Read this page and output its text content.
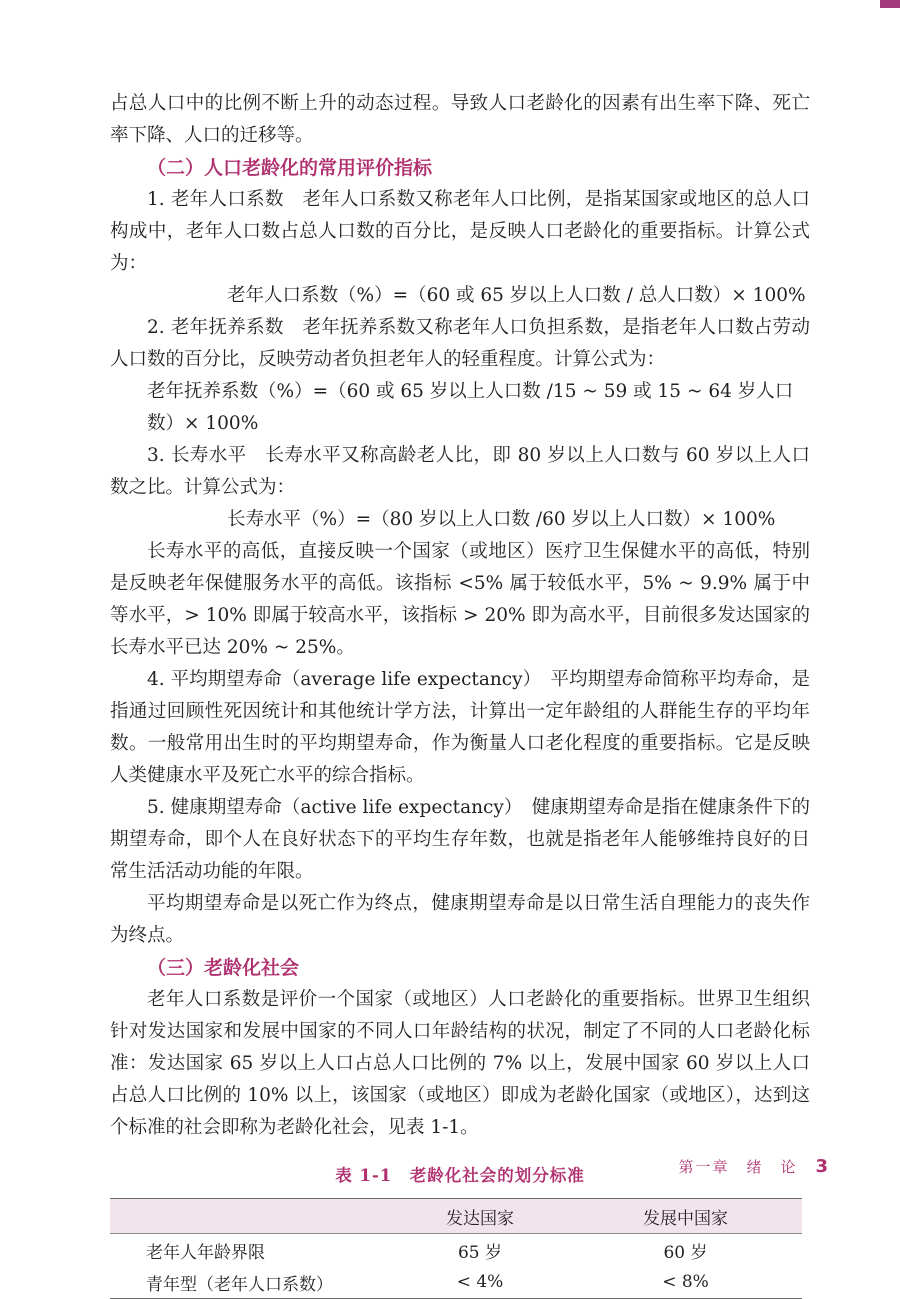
占总人口中的比例不断上升的动态过程。导致人口老龄化的因素有出生率下降、死亡率下降、人口的迁移等。

（二）人口老龄化的常用评价指标

1. 老年人口系数　老年人口系数又称老年人口比例，是指某国家或地区的总人口构成中，老年人口数占总人口数的百分比，是反映人口老龄化的重要指标。计算公式为：

老年人口系数（%）=（60 或 65 岁以上人口数 / 总人口数）× 100%

2. 老年抚养系数　老年抚养系数又称老年人口负担系数，是指老年人口数占劳动人口数的百分比，反映劳动者负担老年人的轻重程度。计算公式为：

老年抚养系数（%）=（60 或 65 岁以上人口数 /15 ~ 59 或 15 ~ 64 岁人口数）× 100%

3. 长寿水平　长寿水平又称高龄老人比，即 80 岁以上人口数与 60 岁以上人口数之比。计算公式为：

长寿水平（%）=（80 岁以上人口数 /60 岁以上人口数）× 100%

长寿水平的高低，直接反映一个国家（或地区）医疗卫生保健水平的高低，特别是反映老年保健服务水平的高低。该指标 <5% 属于较低水平，5% ~ 9.9% 属于中等水平，> 10% 即属于较高水平，该指标 > 20% 即为高水平，目前很多发达国家的长寿水平已达 20% ~ 25%。

4. 平均期望寿命（average life expectancy）　平均期望寿命简称平均寿命，是指通过回顾性死因统计和其他统计学方法，计算出一定年龄组的人群能生存的平均年数。一般常用出生时的平均期望寿命，作为衡量人口老化程度的重要指标。它是反映人类健康水平及死亡水平的综合指标。

5. 健康期望寿命（active life expectancy）　健康期望寿命是指在健康条件下的期望寿命，即个人在良好状态下的平均生存年数，也就是指老年人能够维持良好的日常生活活动功能的年限。

平均期望寿命是以死亡作为终点，健康期望寿命是以日常生活自理能力的丧失作为终点。

（三）老龄化社会

老年人口系数是评价一个国家（或地区）人口老龄化的重要指标。世界卫生组织针对发达国家和发展中国家的不同人口年龄结构的状况，制定了不同的人口老龄化标准：发达国家 65 岁以上人口占总人口比例的 7% 以上，发展中国家 60 岁以上人口占总人口比例的 10% 以上，该国家（或地区）即成为老龄化国家（或地区），达到这个标准的社会即称为老龄化社会，见表 1-1。

表 1-1　老龄化社会的划分标准
	发达国家	发展中国家
老年人年龄界限	65 岁	60 岁
青年型（老年人口系数）	< 4%	< 8%
第一章　绪　论 3
